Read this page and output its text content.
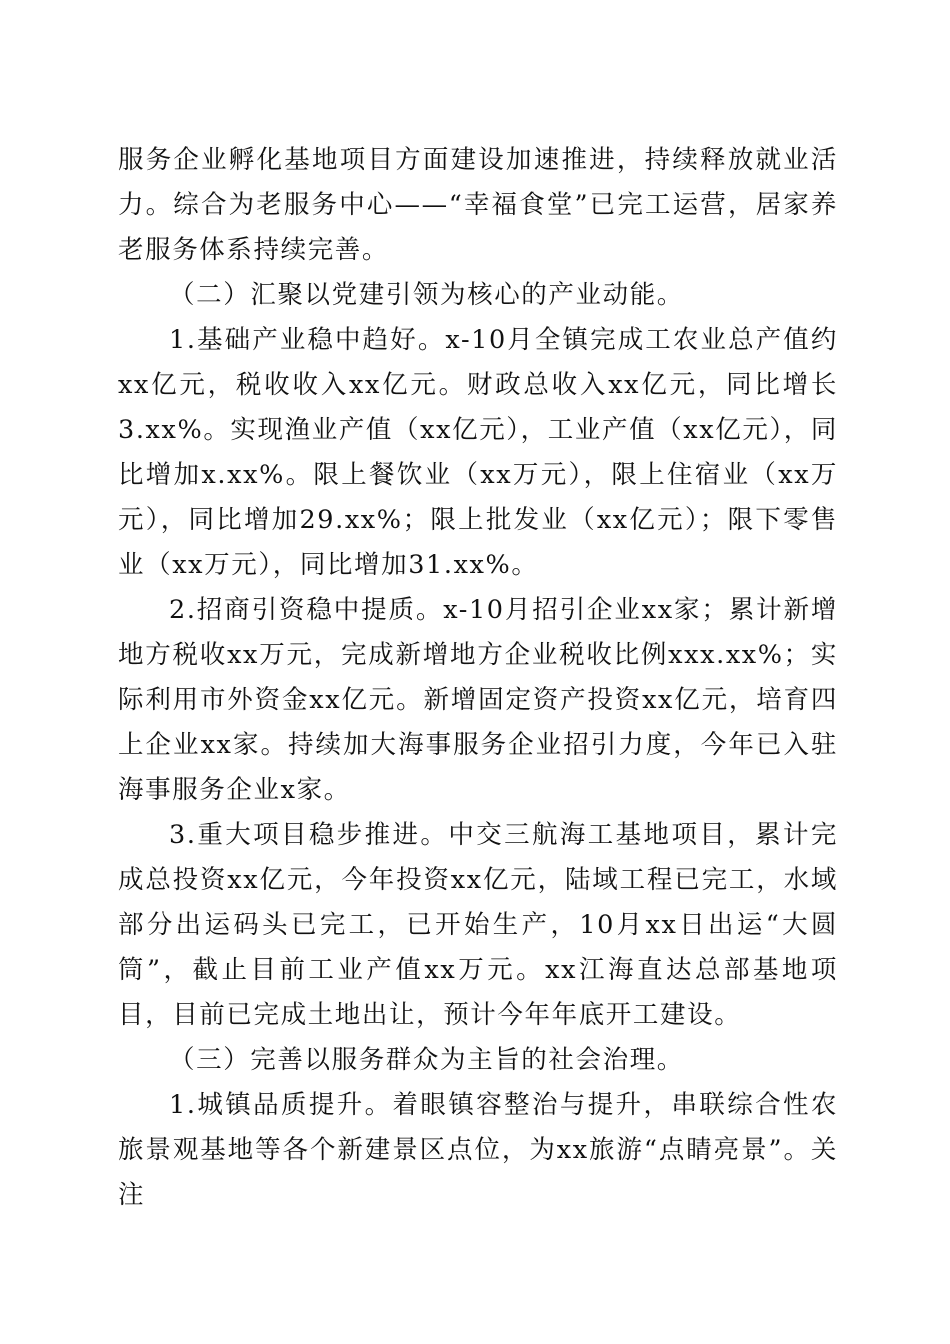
服务企业孵化基地项目方面建设加速推进，持续释放就业活力。综合为老服务中心——“幸福食堂”已完工运营，居家养老服务体系持续完善。

（二）汇聚以党建引领为核心的产业动能。

1.基础产业稳中趋好。x-10月全镇完成工农业总产值约xx亿元，税收收入xx亿元。财政总收入xx亿元，同比增长3.xx%。实现渔业产值（xx亿元），工业产值（xx亿元），同比增加x.xx%。限上餐饮业（xx万元），限上住宿业（xx万元），同比增加29.xx%；限上批发业（xx亿元）；限下零售业（xx万元），同比增加31.xx%。

2.招商引资稳中提质。x-10月招引企业xx家；累计新增地方税收xx万元，完成新增地方企业税收比例xxx.xx%；实际利用市外资金xx亿元。新增固定资产投资xx亿元，培育四上企业xx家。持续加大海事服务企业招引力度，今年已入驻海事服务企业x家。

3.重大项目稳步推进。中交三航海工基地项目，累计完成总投资xx亿元，今年投资xx亿元，陆域工程已完工，水域部分出运码头已完工，已开始生产，10月xx日出运“大圆筒”，截止目前工业产值xx万元。xx江海直达总部基地项目，目前已完成土地出让，预计今年年底开工建设。

（三）完善以服务群众为主旨的社会治理。

1.城镇品质提升。着眼镇容整治与提升，串联综合性农旅景观基地等各个新建景区点位，为xx旅游“点睛亮景”。关注
